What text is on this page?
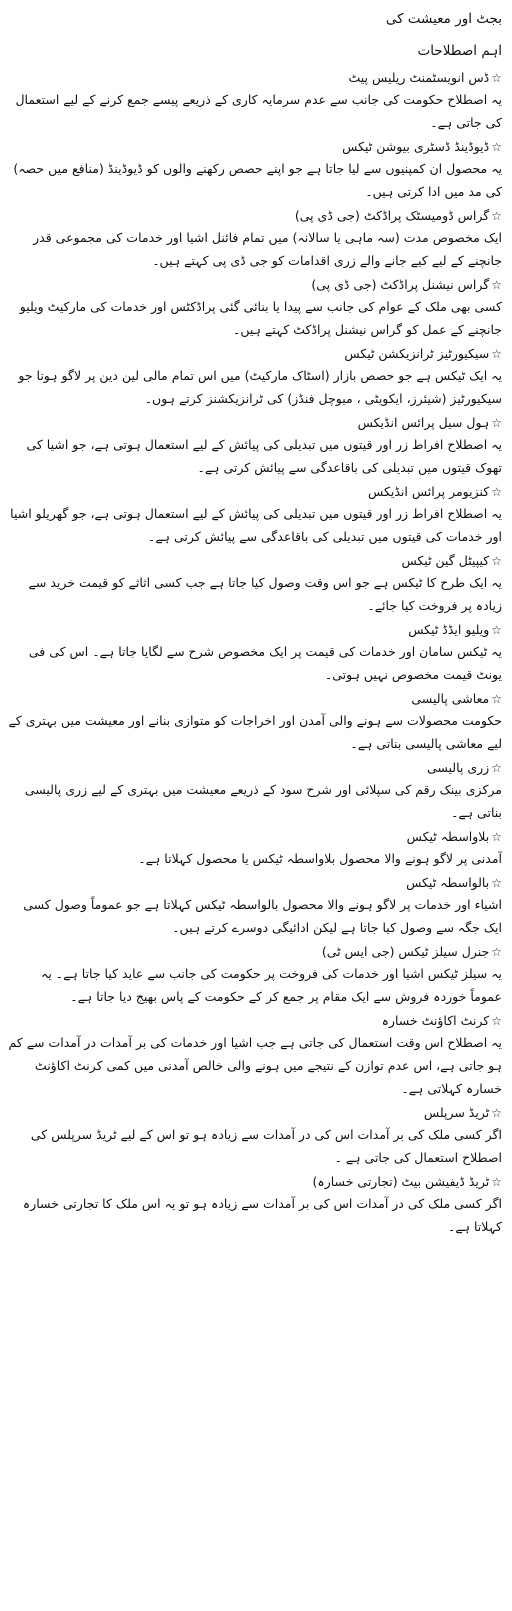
بجٹ اور معیشت کی
اہم اصطلاحات

☆
ڈس انویسٹمنٹ ریلیس پیٹ

یہ اصطلاح حکومت کی جانب سے عدم سرمایہ کاری کے ذریعے پیسے جمع کرنے کے لیے استعمال کی جاتی ہے۔

☆
ڈیوڈینڈ ڈسٹری بیوشن ٹیکس

یہ محصول ان کمپنیوں سے لیا جاتا ہے جو اپنے حصص رکھنے والوں کو ڈیوڈینڈ (منافع میں حصہ) کی مد میں ادا کرتی ہیں۔

☆
گراس ڈومیسٹک پراڈکٹ (جی ڈی پی)

ایک مخصوص مدت (سہ ماہی یا سالانہ) میں تمام فائنل اشیا اور خدمات کی مجموعی قدر جانچنے کے لیے کیے جانے والے زری اقدامات کو جی ڈی پی کہتے ہیں۔

☆
گراس نیشنل پراڈکٹ (جی ڈی پی)

کسی بھی ملک کے عوام کی جانب سے پیدا یا بنائی گئی پراڈکٹس اور خدمات کی مارکیٹ ویلیو جانچنے کے عمل کو گراس نیشنل پراڈکٹ کہتے ہیں۔

☆
سیکیورٹیز ٹرانزیکشن ٹیکس

یہ ایک ٹیکس ہے جو حصص بازار (اسٹاک مارکیٹ) میں اس تمام مالی لین دین پر لاگو ہوتا جو سیکیورٹیز (شیئرز، ایکویٹی ، میوچل فنڈز) کی ٹرانزیکشنز کرتے ہوں۔

☆
ہول سیل پرائس انڈیکس

یہ اصطلاح افراط زر اور قیتوں میں تبدیلی کی پیائش کے لیے استعمال ہوتی ہے، جو اشیا کی تھوک قیتوں میں تبدیلی کی باقاعدگی سے پیائش کرتی ہے۔

☆
کنزیومر پرائس انڈیکس

یہ اصطلاح افراط زر اور قیتوں میں تبدیلی کی پیائش کے لیے استعمال ہوتی ہے، جو گھریلو اشیا اور خدمات کی قیتوں میں تبدیلی کی باقاعدگی سے پیائش کرتی ہے۔

☆
کیپیٹل گین ٹیکس

یہ ایک طرح کا ٹیکس ہے جو اس وقت وصول کیا جاتا ہے جب کسی اثاثے کو قیمت خرید سے زیادہ پر فروخت کیا جائے۔

☆
ویلیو ایڈڈ ٹیکس

یہ ٹیکس سامان اور خدمات کی قیمت پر ایک مخصوص شرح سے لگایا جاتا ہے۔ اس کی فی یونٹ قیمت مخصوص نہیں ہوتی۔

☆
معاشی پالیسی

حکومت محصولات سے ہونے والی آمدن اور اخراجات کو متوازی بنانے اور معیشت میں بہتری کے لیے معاشی پالیسی بناتی ہے۔

☆
زری پالیسی

مرکزی بینک رقم کی سپلائی اور شرح سود کے ذریعے معیشت میں بہتری کے لیے زری پالیسی بناتی ہے۔

☆
بلاواسطہ ٹیکس

آمدنی پر لاگو ہونے والا محصول بلاواسطہ ٹیکس یا محصول کہلاتا ہے۔

☆
بالواسطہ ٹیکس

اشیاء اور خدمات پر لاگو ہونے والا محصول بالواسطہ ٹیکس کہلاتا ہے جو عموماً وصول کسی ایک جگہ سے وصول کیا جاتا ہے لیکن ادائیگی دوسرے کرتے ہیں۔

☆
جنرل سیلز ٹیکس (جی ایس ٹی)

یہ سیلز ٹیکس اشیا اور خدمات کی فروخت پر حکومت کی جانب سے عاید کیا جاتا ہے۔ یہ عموماً خوردہ فروش سے ایک مقام پر جمع کر کے حکومت کے پاس بھیج دیا جاتا ہے۔

☆
کرنٹ اکاؤنٹ خسارہ

یہ اصطلاح اس وقت استعمال کی جاتی ہے جب اشیا اور خدمات کی بر آمدات در آمدات سے کم ہو جاتی ہے، اس عدم توازن کے نتیجے میں ہونے والی خالص آمدنی میں کمی کرنٹ اکاؤنٹ خسارہ کہلاتی ہے۔

☆
ٹریڈ سرپلس

اگر کسی ملک کی بر آمدات اس کی در آمدات سے زیادہ ہو تو اس کے لیے ٹریڈ سرپلس کی اصطلاح استعمال کی جاتی ہے ۔

☆
ٹریڈ ڈیفیشن بیٹ (تجارتی خسارہ)

اگر کسی ملک کی در آمدات اس کی بر آمدات سے زیادہ ہو تو یہ اس ملک کا تجارتی خسارہ کہلاتا ہے۔
